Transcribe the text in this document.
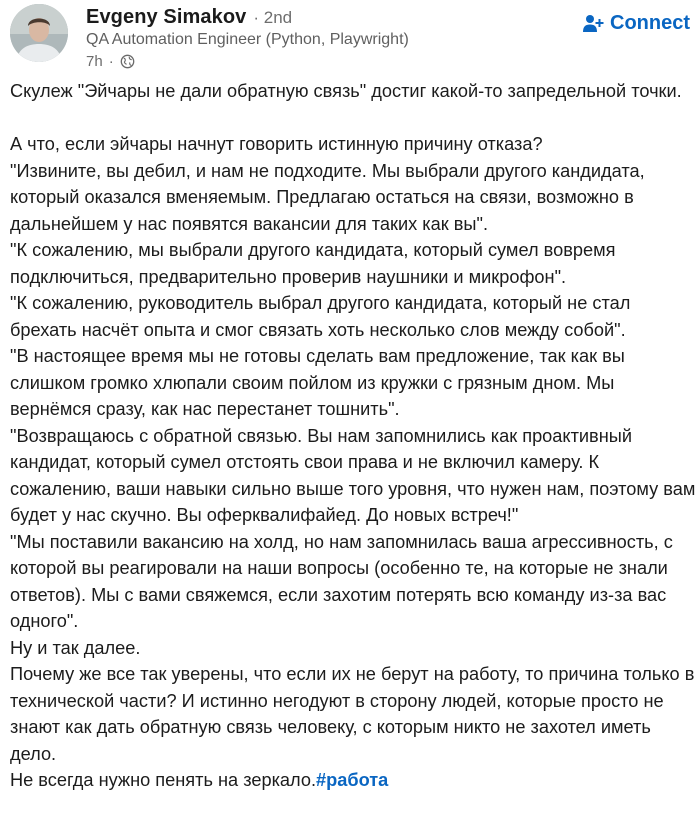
Evgeny Simakov · 2nd
QA Automation Engineer (Python, Playwright)
7h ·
Connect

Скулеж "Эйчары не дали обратную связь" достиг какой-то запредельной точки.

А что, если эйчары начнут говорить истинную причину отказа?

"Извините, вы дебил, и нам не подходите. Мы выбрали другого кандидата, который оказался вменяемым. Предлагаю остаться на связи, возможно в дальнейшем у нас появятся вакансии для таких как вы".

"К сожалению, мы выбрали другого кандидата, который сумел вовремя подключиться, предварительно проверив наушники и микрофон".

"К сожалению, руководитель выбрал другого кандидата, который не стал брехать насчёт опыта и смог связать хоть несколько слов между собой".

"В настоящее время мы не готовы сделать вам предложение, так как вы слишком громко хлюпали своим пойлом из кружки с грязным дном. Мы вернёмся сразу, как нас перестанет тошнить".

"Возвращаюсь с обратной связью. Вы нам запомнились как проактивный кандидат, который сумел отстоять свои права и не включил камеру. К сожалению, ваши навыки сильно выше того уровня, что нужен нам, поэтому вам будет у нас скучно. Вы оферквалифайед. До новых встреч!"

"Мы поставили вакансию на холд, но нам запомнилась ваша агрессивность, с которой вы реагировали на наши вопросы (особенно те, на которые не знали ответов). Мы с вами свяжемся, если захотим потерять всю команду из-за вас одного".

Ну и так далее.

Почему же все так уверены, что если их не берут на работу, то причина только в технической части? И истинно негодуют в сторону людей, которые просто не знают как дать обратную связь человеку, с которым никто не захотел иметь дело.

Не всегда нужно пенять на зеркало.#работа
